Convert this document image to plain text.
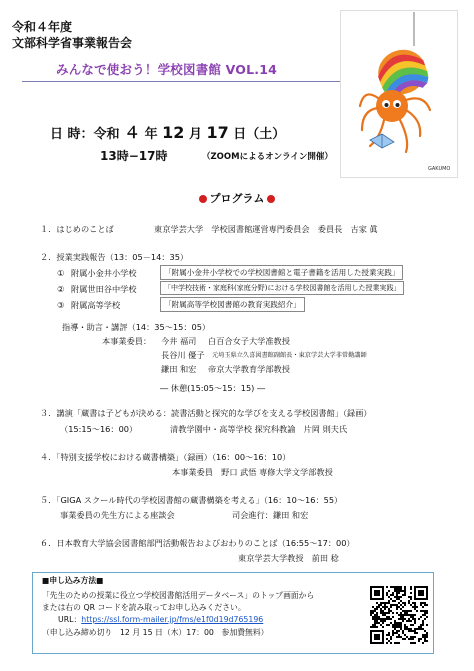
令和４年度
文部科学省事業報告会
みんなで使おう！学校図書館 VOL.14
GAKUMO
日 時：令和 ４ 年 12 月 17 日（土）
13時−17時	（ZOOMによるオンライン開催）
プログラム
１．はじめのことば	東京学芸大学　学校図書館運営専門委員会　委員長　古家 眞
２．授業実践報告（13：05－14：35）
① 附属小金井小学校	「附属小金井小学校での学校図書館と電子書籍を活用した授業実践」
② 附属世田谷中学校	「中学校技術・家庭科(家庭分野)における学校図書館を活用した授業実践」
③ 附属高等学校	「附属高等学校図書館の教育実践紹介」
指導・助言・講評（14：35～15：05）
本事業委員： 今井 福司 白百合女子大学准教授
長谷川 優子 元埼玉県立久喜図書館副館長・東京学芸大学非常勤講師
鎌田 和宏 帝京大学教育学部教授
― 休憩(15:05～15：15) ―
３．講演「蔵書は子どもが決める：読書活動と探究的な学びを支える学校図書館」（録画）
（15:15～16：00）	清教学園中・高等学校 探究科教諭　片岡 則夫氏
４．「特別支援学校における蔵書構築」（録画）（16：00～16：10）
本事業委員　野口 武悟 専修大学文学部教授
５．「GIGA スクール時代の学校図書館の蔵書構築を考える」（16：10～16：55）
事業委員の先生方による座談会	司会進行：鎌田 和宏
６．日本教育大学協会図書館部門活動報告およびおわりのことば（16:55～17：00）
東京学芸大学教授　前田 稔
■申し込み方法■
「先生のための授業に役立つ学校図書館活用データベース」のトップ画面から
または右の QR コードを読み取ってお申し込みください。
URL：https://ssl.form-mailer.jp/fms/e1f0d19d765196
（申し込み締め切り　12 月 15 日（木）17：00　参加費無料）
